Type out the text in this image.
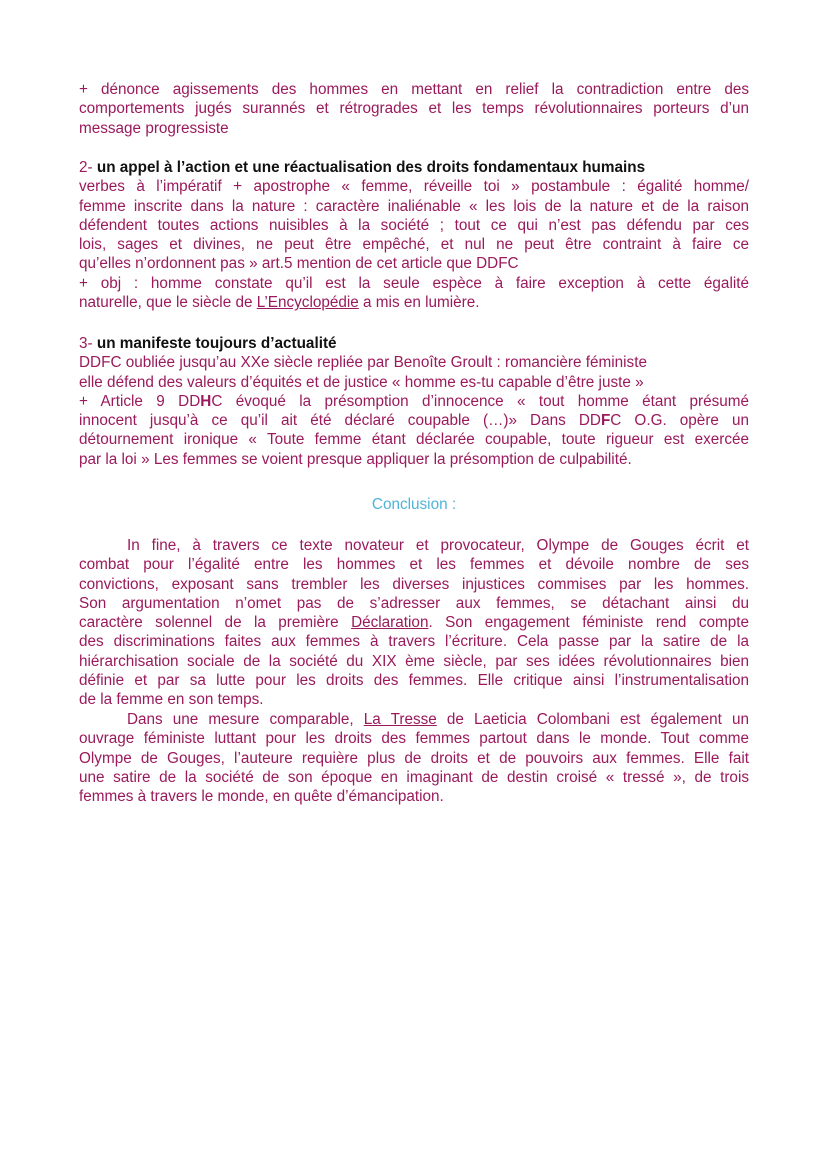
+ dénonce agissements des hommes en mettant en relief la contradiction entre des
comportements jugés surannés et rétrogrades et les temps révolutionnaires porteurs d’un
message progressiste
2- un appel à l’action et une réactualisation des droits fondamentaux humains
verbes à l’impératif + apostrophe « femme, réveille toi » postambule : égalité homme/
femme inscrite dans la nature : caractère inaliénable « les lois de la nature et de la raison
défendent toutes actions nuisibles à la société ; tout ce qui n’est pas défendu par ces
lois, sages et divines, ne peut être empêché, et nul ne peut être contraint à faire ce
qu’elles n’ordonnent pas » art.5 mention de cet article que DDFC
+ obj : homme constate qu’il est la seule espèce à faire exception à cette égalité
naturelle, que le siècle de L’Encyclopédie a mis en lumière.
3- un manifeste toujours d’actualité
DDFC oubliée jusqu’au XXe siècle repliée par Benoîte Groult : romancière féministe
elle défend des valeurs d’équités et de justice « homme es-tu capable d’être juste »
+ Article 9 DDHC évoqué la présomption d’innocence « tout homme étant présumé
innocent jusqu’à ce qu’il ait été déclaré coupable (…)» Dans DDFC O.G. opère un
détournement ironique « Toute femme étant déclarée coupable, toute rigueur est exercée
par la loi » Les femmes se voient presque appliquer la présomption de culpabilité.
Conclusion :
In fine, à travers ce texte novateur et provocateur, Olympe de Gouges écrit et
combat pour l’égalité entre les hommes et les femmes et dévoile nombre de ses
convictions, exposant sans trembler les diverses injustices commises par les hommes.
Son argumentation n’omet pas de s’adresser aux femmes, se détachant ainsi du
caractère solennel de la première Déclaration. Son engagement féministe rend compte
des discriminations faites aux femmes à travers l’écriture. Cela passe par la satire de la
hiérarchisation sociale de la société du XIX ème siècle, par ses idées révolutionnaires bien
définie et par sa lutte pour les droits des femmes. Elle critique ainsi l’instrumentalisation
de la femme en son temps.
Dans une mesure comparable, La Tresse de Laeticia Colombani est également un
ouvrage féministe luttant pour les droits des femmes partout dans le monde. Tout comme
Olympe de Gouges, l’auteure requière plus de droits et de pouvoirs aux femmes. Elle fait
une satire de la société de son époque en imaginant de destin croisé « tressé », de trois
femmes à travers le monde, en quête d’émancipation.
